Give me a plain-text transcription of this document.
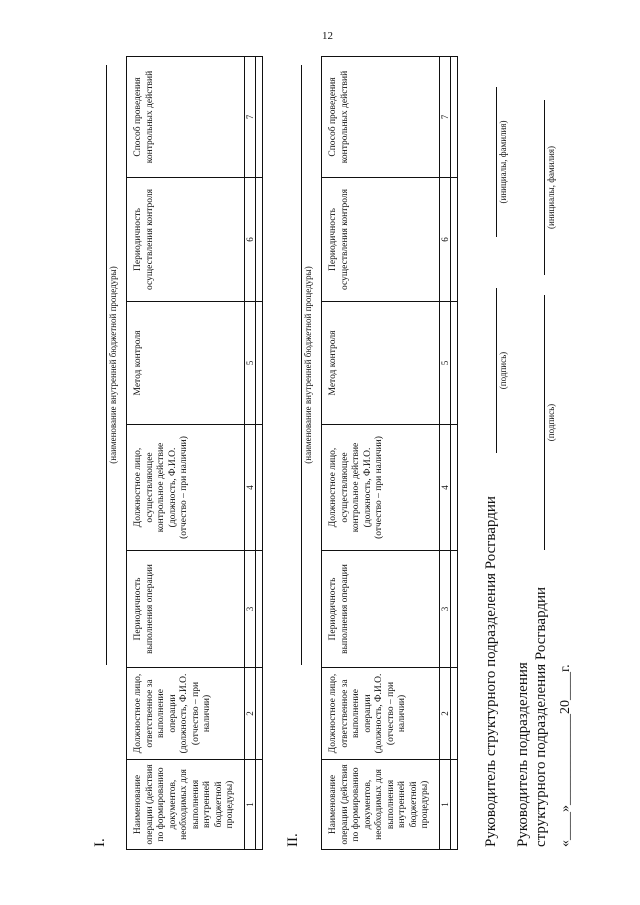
12
I.
(наименование внутренней бюджетной процедуры)
Наименование операции (действия по формированию документов, необходимых для выполнения внутренней бюджетной процедуры)	Должностное лицо, ответственное за выполнение операции (должность, Ф.И.О. (отчество – при наличии)	Периодичность выполнения операции	Должностное лицо, осуществляющее контрольное действие (должность, Ф.И.О. (отчество – при наличии)	Метод контроля	Периодичность осуществления контроля	Способ проведения контрольных действий
1	2	3	4	5	6	7

II.
(наименование внутренней бюджетной процедуры)
Наименование операции (действия по формированию документов, необходимых для выполнения внутренней бюджетной процедуры)	Должностное лицо, ответственное за выполнение операции (должность, Ф.И.О. (отчество – при наличии)	Периодичность выполнения операции	Должностное лицо, осуществляющее контрольное действие (должность, Ф.И.О. (отчество – при наличии)	Метод контроля	Периодичность осуществления контроля	Способ проведения контрольных действий
1	2	3	4	5	6	7

Руководитель структурного подразделения Росгвардии
(подпись)
(инициалы, фамилия)
Руководитель подразделения структурного подразделения Росгвардии
(подпись)
(инициалы, фамилия)
«____»_____________20____г.
